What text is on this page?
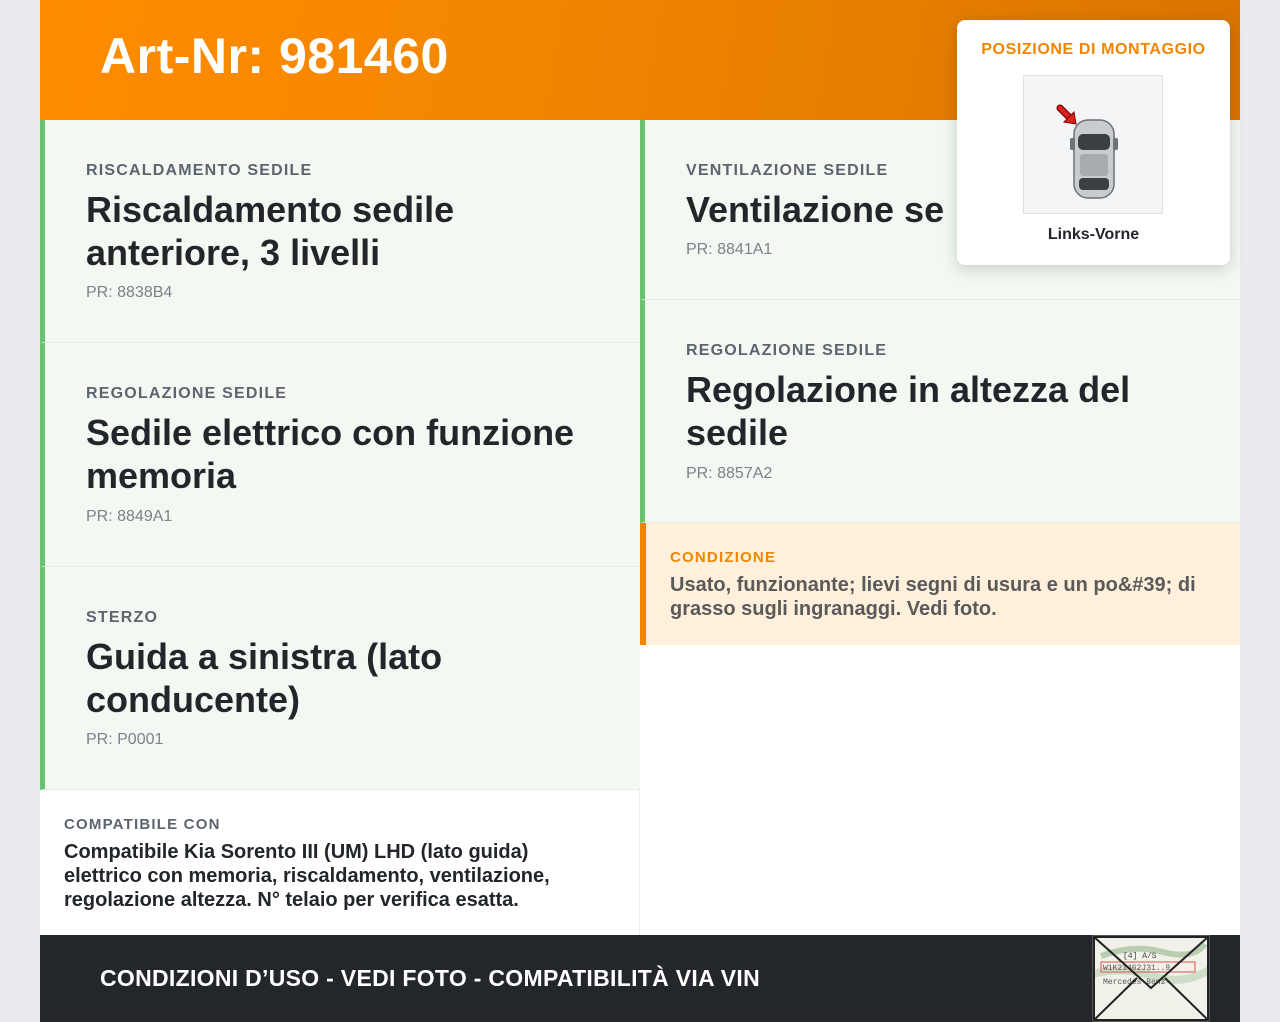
Art-Nr: 981460
RISCALDAMENTO SEDILE
Riscaldamento sedile
anteriore, 3 livelli
PR: 8838B4
REGOLAZIONE SEDILE
Sedile elettrico con funzione
memoria
PR: 8849A1
STERZO
Guida a sinistra (lato
conducente)
PR: P0001
VENTILAZIONE SEDILE
Ventilazione se
PR: 8841A1
REGOLAZIONE SEDILE
Regolazione in altezza del
sedile
PR: 8857A2
CONDIZIONE
Usato, funzionante; lievi segni di usura e un po&#39; di grasso sugli ingranaggi. Vedi foto.
COMPATIBILE CON
Compatibile Kia Sorento III (UM) LHD (lato guida) elettrico con memoria, riscaldamento, ventilazione, regolazione altezza. N° telaio per verifica esatta.
CONDIZIONI D’USO - VEDI FOTO - COMPATIBILITÀ VIA VIN
[4] A/S
W1K21462J31..9
Mercedes-Benz
POSIZIONE DI MONTAGGIO
Links-Vorne
